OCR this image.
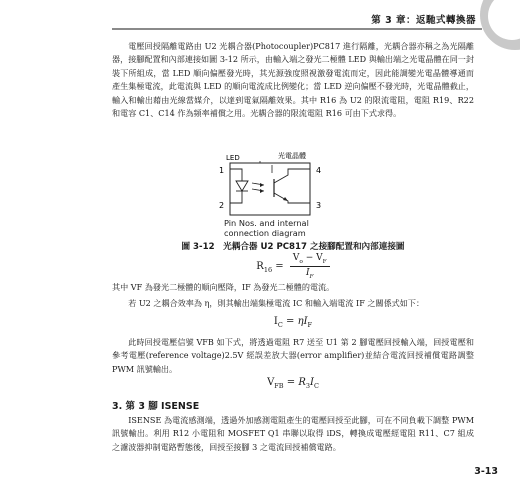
第 3 章：返馳式轉換器

電壓回授隔離電路由 U2 光耦合器(Photocoupler)PC817 進行隔離，光耦合器亦稱之為光隔離器，接腳配置和內部連接如圖 3-12 所示，由輸入端之發光二極體 LED 與輸出端之光電晶體在同一封裝下所組成，當 LED 順向偏壓發光時，其光源強度照視激發電流而定，因此能調變光電晶體導通而產生集極電流，此電流與 LED 的順向電流成比例變化；當 LED 逆向偏壓不發光時，光電晶體截止，輸入和輸出藉由光線當媒介，以達到電氣隔離效果。其中 R16 為 U2 的限流電阻，電阻 R19、R22 和電容 C1、C14 作為頻率補償之用。光耦合器的限流電阻 R16 可由下式求得。

LED	光電晶體
1
2	3
4
Pin Nos. and internal connection diagram
圖 3-12　光耦合器 U2 PC817 之接腳配置和內部連接圖
$R_{16} = \frac{V_o - V_F}{I_F}$

其中 VF 為發光二極體的順向壓降，IF 為發光二極體的電流。

若 U2 之耦合效率為 η，則其輸出端集極電流 IC 和輸入端電流 IF 之關係式如下：

$I_C = \eta I_F$

此時回授電壓信號 VFB 如下式，將透過電阻 R7 送至 U1 第 2 腳電壓回授輸入端，回授電壓和參考電壓(reference voltage)2.5V 經誤差放大器(error amplifier)並結合電流回授補償電路調整 PWM 訊號輸出。

$V_{FB} = R_3I_C$
3. 第 3 腳 ISENSE

ISENSE 為電流感測端，透過外加感測電阻產生的電壓回授至此腳，可在不同負載下調整 PWM 訊號輸出。利用 R12 小電阻和 MOSFET Q1 串聯以取得 iDS，轉換成電壓經電阻 R11、C7 組成之濾波器抑制電路暫態後，回授至接腳 3 之電流回授補償電路。

3-13
